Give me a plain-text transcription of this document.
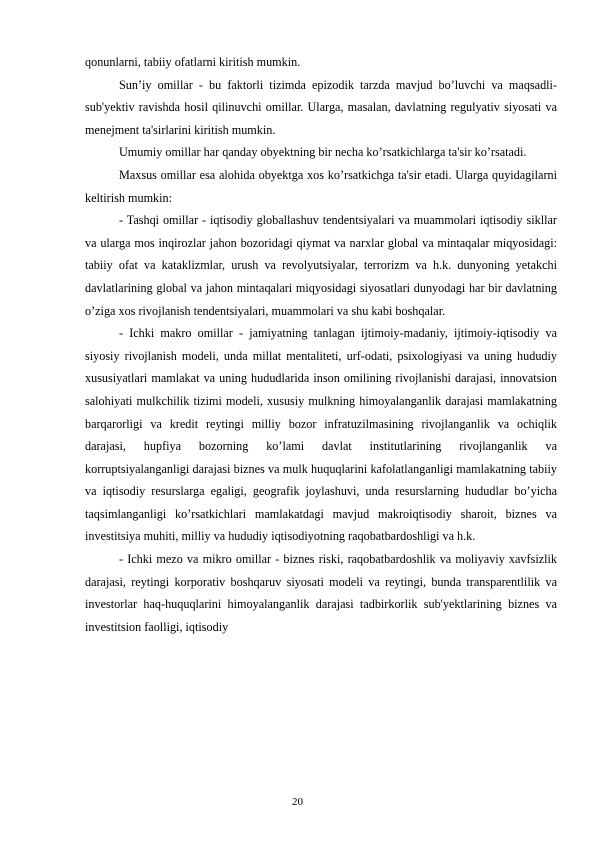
qonunlarni, tabiiy ofatlarni kiritish mumkin.

Sun’iy omillar - bu faktorli tizimda epizodik tarzda mavjud bo’luvchi va maqsadli-sub'yektiv ravishda hosil qilinuvchi omillar. Ularga, masalan, davlatning regulyativ siyosati va menejment ta'sirlarini kiritish mumkin.

Umumiy omillar har qanday obyektning bir necha ko’rsatkichlarga ta'sir ko’rsatadi.

Maxsus omillar esa alohida obyektga xos ko’rsatkichga ta'sir etadi. Ularga quyidagilarni keltirish mumkin:

- Tashqi omillar - iqtisodiy globallashuv tendentsiyalari va muammolari iqtisodiy sikllar va ularga mos inqirozlar jahon bozoridagi qiymat va narxlar global va mintaqalar miqyosidagi: tabiiy ofat va kataklizmlar, urush va revolyutsiyalar, terrorizm va h.k. dunyoning yetakchi davlatlarining global va jahon mintaqalari miqyosidagi siyosatlari dunyodagi har bir davlatning o’ziga xos rivojlanish tendentsiyalari, muammolari va shu kabi boshqalar.

- Ichki makro omillar - jamiyatning tanlagan ijtimoiy-madaniy, ijtimoiy-iqtisodiy va siyosiy rivojlanish modeli, unda millat mentaliteti, urf-odati, psixologiyasi va uning hududiy xususiyatlari mamlakat va uning hududlarida inson omilining rivojlanishi darajasi, innovatsion salohiyati mulkchilik tizimi modeli, xususiy mulkning himoyalanganlik darajasi mamlakatning barqarorligi va kredit reytingi milliy bozor infratuzilmasining rivojlanganlik va ochiqlik darajasi, hupfiya bozorning ko’lami davlat institutlarining rivojlanganlik va korruptsiyalanganligi darajasi biznes va mulk huquqlarini kafolatlanganligi mamlakatning tabiiy va iqtisodiy resurslarga egaligi, geografik joylashuvi, unda resurslarning hududlar bo’yicha taqsimlanganligi ko’rsatkichlari mamlakatdagi mavjud makroiqtisodiy sharoit, biznes va investitsiya muhiti, milliy va hududiy iqtisodiyotning raqobatbardoshligi va h.k.

- Ichki mezo va mikro omillar - biznes riski, raqobatbardoshlik va moliyaviy xavfsizlik darajasi, reytingi korporativ boshqaruv siyosati modeli va reytingi, bunda transparentlilik va investorlar haq-huquqlarini himoyalanganlik darajasi tadbirkorlik sub'yektlarining biznes va investitsion faolligi, iqtisodiy

20
